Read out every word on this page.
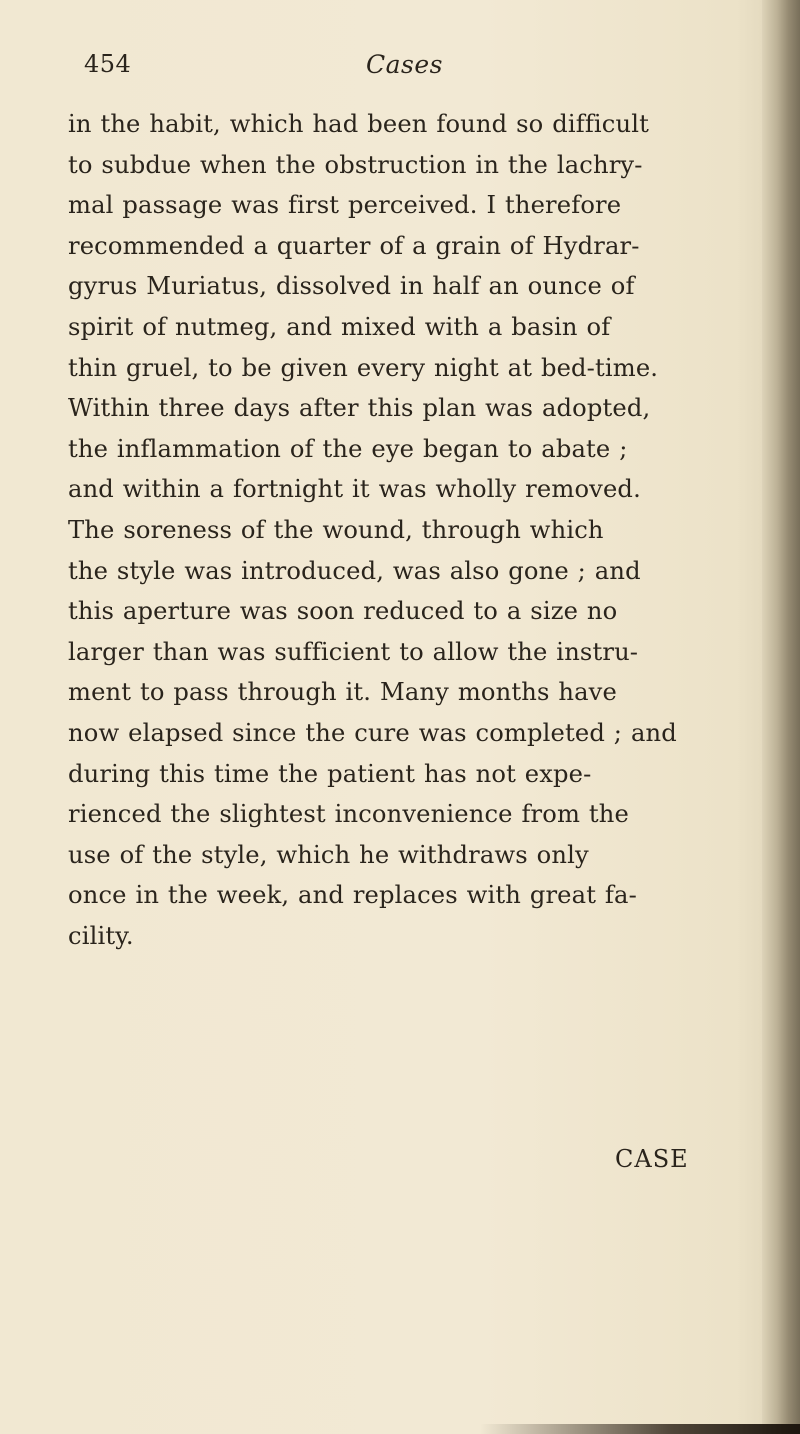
454	Cases
in the habit, which had been found so difficult
to subdue when the obstruction in the lachry-
mal passage was first perceived. I therefore
recommended a quarter of a grain of Hydrar-
gyrus Muriatus, dissolved in half an ounce of
spirit of nutmeg, and mixed with a basin of
thin gruel, to be given every night at bed-time.
Within three days after this plan was adopted,
the inflammation of the eye began to abate ;
and within a fortnight it was wholly removed.
The soreness of the wound, through which
the style was introduced, was also gone ; and
this aperture was soon reduced to a size no
larger than was sufficient to allow the instru-
ment to pass through it. Many months have
now elapsed since the cure was completed ; and
during this time the patient has not expe-
rienced the slightest inconvenience from the
use of the style, which he withdraws only
once in the week, and replaces with great fa-
cility.
CASE
